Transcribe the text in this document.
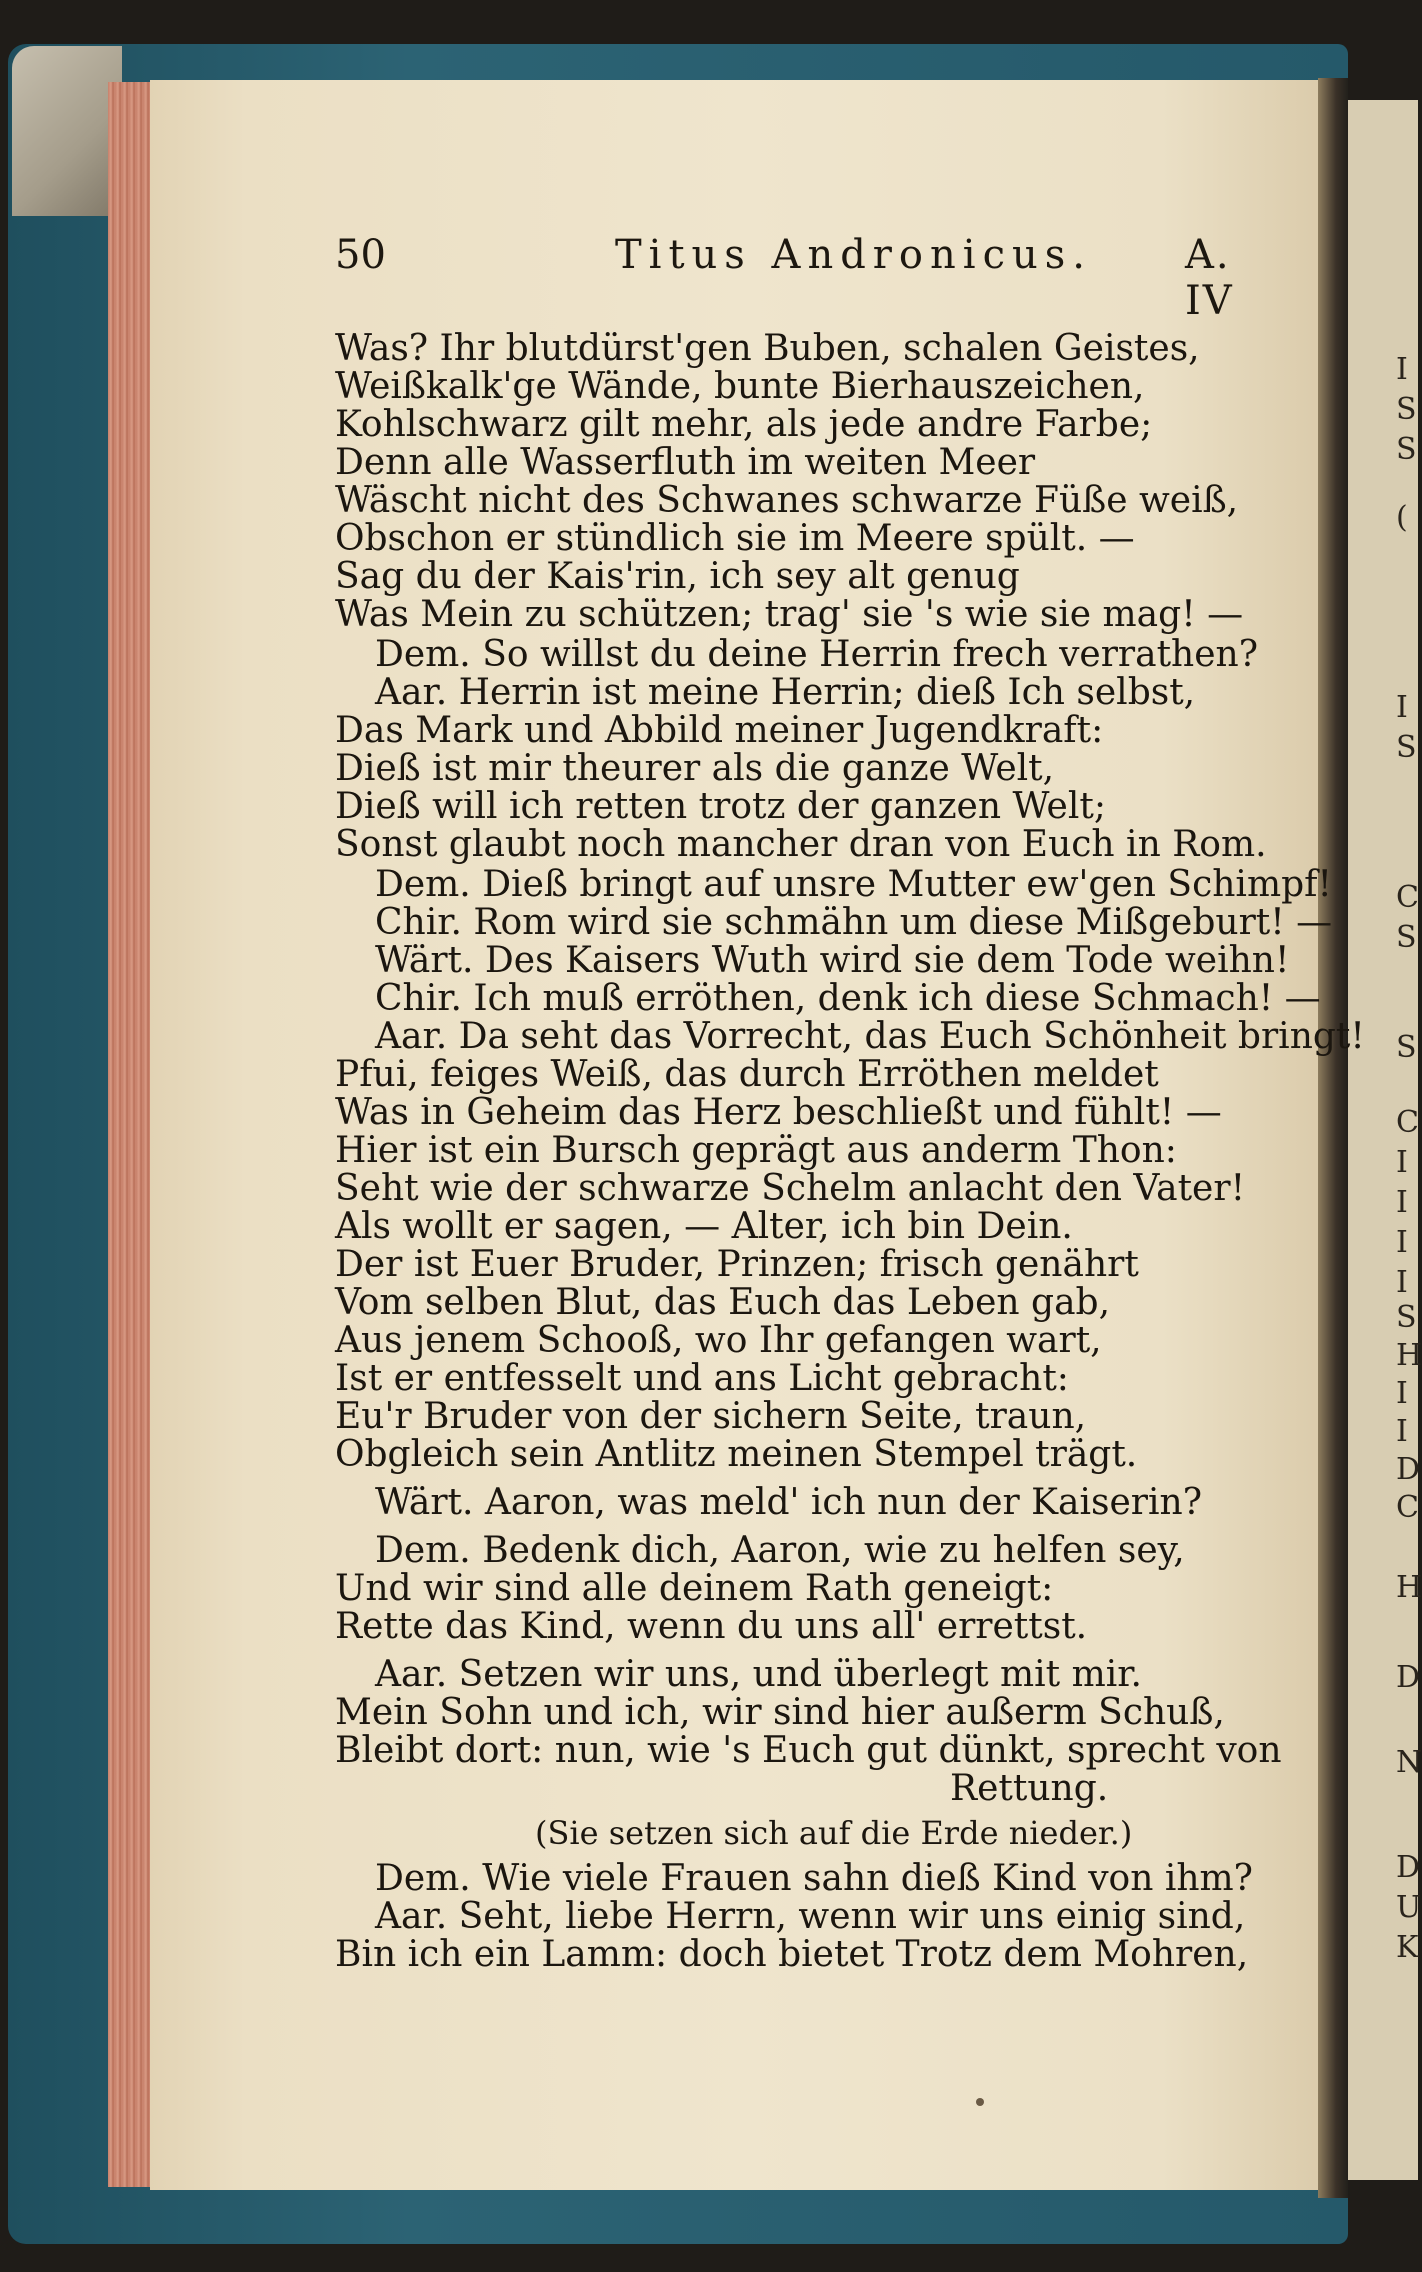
50	Titus Andronicus. A. IV
Was? Ihr blutdürst'gen Buben, schalen Geistes,
Weißkalk'ge Wände, bunte Bierhauszeichen,
Kohlschwarz gilt mehr, als jede andre Farbe;
Denn alle Wasserfluth im weiten Meer
Wäscht nicht des Schwanes schwarze Füße weiß,
Obschon er stündlich sie im Meere spült. —
Sag du der Kais'rin, ich sey alt genug
Was Mein zu schützen; trag' sie 's wie sie mag! —
Dem. So willst du deine Herrin frech verrathen?
Aar. Herrin ist meine Herrin; dieß Ich selbst,
Das Mark und Abbild meiner Jugendkraft:
Dieß ist mir theurer als die ganze Welt,
Dieß will ich retten trotz der ganzen Welt;
Sonst glaubt noch mancher dran von Euch in Rom.
Dem. Dieß bringt auf unsre Mutter ew'gen Schimpf!
Chir. Rom wird sie schmähn um diese Mißgeburt! —
Wärt. Des Kaisers Wuth wird sie dem Tode weihn!
Chir. Ich muß erröthen, denk ich diese Schmach! —
Aar. Da seht das Vorrecht, das Euch Schönheit bringt!
Pfui, feiges Weiß, das durch Erröthen meldet
Was in Geheim das Herz beschließt und fühlt! —
Hier ist ein Bursch geprägt aus anderm Thon:
Seht wie der schwarze Schelm anlacht den Vater!
Als wollt er sagen, — Alter, ich bin Dein.
Der ist Euer Bruder, Prinzen; frisch genährt
Vom selben Blut, das Euch das Leben gab,
Aus jenem Schooß, wo Ihr gefangen wart,
Ist er entfesselt und ans Licht gebracht:
Eu'r Bruder von der sichern Seite, traun,
Obgleich sein Antlitz meinen Stempel trägt.
Wärt. Aaron, was meld' ich nun der Kaiserin?
Dem. Bedenk dich, Aaron, wie zu helfen sey,
Und wir sind alle deinem Rath geneigt:
Rette das Kind, wenn du uns all' errettst.
Aar. Setzen wir uns, und überlegt mit mir.
Mein Sohn und ich, wir sind hier außerm Schuß,
Bleibt dort: nun, wie 's Euch gut dünkt, sprecht von
Rettung.
(Sie setzen sich auf die Erde nieder.)
Dem. Wie viele Frauen sahn dieß Kind von ihm?
Aar. Seht, liebe Herrn, wenn wir uns einig sind,
Bin ich ein Lamm: doch bietet Trotz dem Mohren,
I
S
S
(
I
S
C
S
S
C
I
I
I
I
S
H
I
I
D
C
H
D
N
D
U
K
